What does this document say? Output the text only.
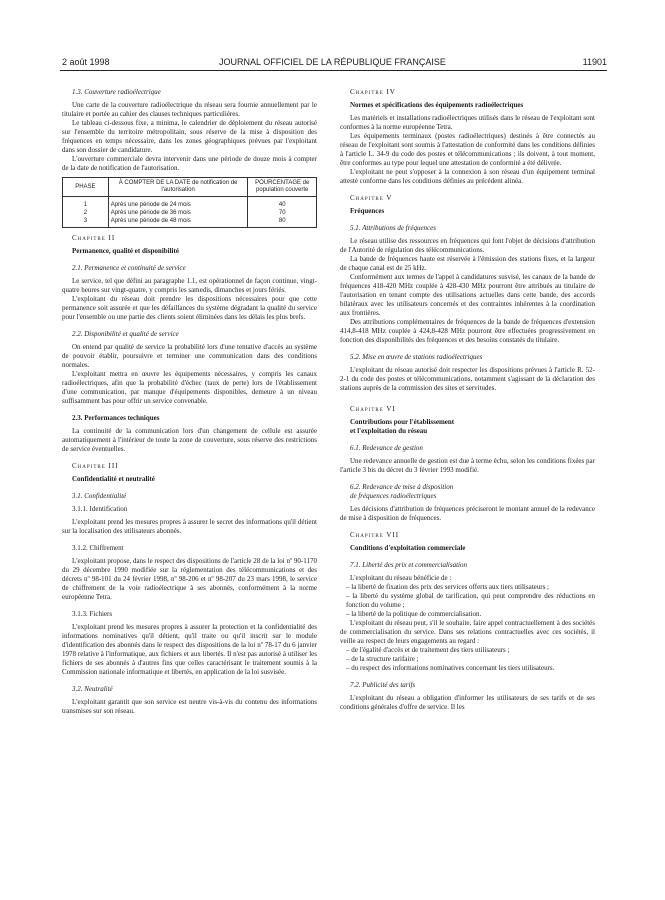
2 août 1998	JOURNAL OFFICIEL DE LA RÉPUBLIQUE FRANÇAISE	11901

1.3. Couverture radioélectrique

Une carte de la couverture radioélectrique du réseau sera fournie annuellement par le titulaire et portée au cahier des clauses techniques particulières.

Le tableau ci-dessous fixe, a minima, le calendrier de déploiement du réseau autorisé sur l'ensemble du territoire métropolitain, sous réserve de la mise à disposition des fréquences en temps nécessaire, dans les zones géographiques prévues par l'exploitant dans son dossier de candidature.

L'ouverture commerciale devra intervenir dans une période de douze mois à compter de la date de notification de l'autorisation.

PHASE	À COMPTER DE LA DATE de notification de l'autorisation	POURCENTAGE de population couverte
1	Après une période de 24 mois	40
2	Après une période de 36 mois	70
3	Après une période de 48 mois	80

Chapitre II

Permanence, qualité et disponibilité

2.1. Permanence et continuité de service

Le service, tel que défini au paragraphe 1.1, est opérationnel de façon continue, vingt-quatre heures sur vingt-quatre, y compris les samedis, dimanches et jours fériés.

L'exploitant du réseau doit prendre les dispositions nécessaires pour que cette permanence soit assurée et que les défaillances du système dégradant la qualité du service pour l'ensemble ou une partie des clients soient éliminées dans les délais les plus brefs.

2.2. Disponibilité et qualité de service

On entend par qualité de service la probabilité lors d'une tentative d'accès au système de pouvoir établir, poursuivre et terminer une communication dans des conditions normales.

L'exploitant mettra en œuvre les équipements nécessaires, y compris les canaux radioélectriques, afin que la probabilité d'échec (taux de perte) lors de l'établissement d'une communication, par manque d'équipements disponibles, demeure à un niveau suffisamment bas pour offrir un service convenable.

2.3. Performances techniques

La continuité de la communication lors d'un changement de cellule est assurée automatiquement à l'intérieur de toute la zone de couverture, sous réserve des restrictions de service éventuelles.

Chapitre III

Confidentialité et neutralité

3.1. Confidentialité

3.1.1. Identification

L'exploitant prend les mesures propres à assurer le secret des informations qu'il détient sur la localisation des utilisateurs abonnés.

3.1.2. Chiffrement

L'exploitant propose, dans le respect des dispositions de l'article 28 de la loi nº 90-1170 du 29 décembre 1990 modifiée sur la réglementation des télécommunications et des décrets nº 98-101 du 24 février 1998, nº 98-206 et nº 98-207 du 23 mars 1998, le service de chiffrement de la voie radioélectrique à ses abonnés, conformément à la norme européenne Tetra.

3.1.3. Fichiers

L'exploitant prend les mesures propres à assurer la protection et la confidentialité des informations nominatives qu'il détient, qu'il traite ou qu'il inscrit sur le module d'identification des abonnés dans le respect des dispositions de la loi nº 78-17 du 6 janvier 1978 relative à l'informatique, aux fichiers et aux libertés. Il n'est pas autorisé à utiliser les fichiers de ses abonnés à d'autres fins que celles caractérisant le traitement soumis à la Commission nationale informatique et libertés, en application de la loi susvisée.

3.2. Neutralité

L'exploitant garantit que son service est neutre vis-à-vis du contenu des informations transmises sur son réseau.

Chapitre IV

Normes et spécifications des équipements radioélectriques

Les matériels et installations radioélectriques utilisés dans le réseau de l'exploitant sont conformes à la norme européenne Tetra.

Les équipements terminaux (postes radioélectriques) destinés à être connectés au réseau de l'exploitant sont soumis à l'attestation de conformité dans les conditions définies à l'article L. 34-9 du code des postes et télécommunications ; ils doivent, à tout moment, être conformes au type pour lequel une attestation de conformité a été délivrée.

L'exploitant ne peut s'opposer à la connexion à son réseau d'un équipement terminal attesté conforme dans les conditions définies au précédent alinéa.

Chapitre V

Fréquences

5.1. Attributions de fréquences

Le réseau utilise des ressources en fréquences qui font l'objet de décisions d'attribution de l'Autorité de régulation des télécommunications.

La bande de fréquences haute est réservée à l'émission des stations fixes, et la largeur de chaque canal est de 25 kHz.

Conformément aux termes de l'appel à candidatures susvisé, les canaux de la bande de fréquences 418-420 MHz couplée à 428-430 MHz pourront être attribués au titulaire de l'autorisation en tenant compte des utilisations actuelles dans cette bande, des accords bilatéraux avec les utilisateurs concernés et des contraintes inhérentes à la coordination aux frontières.

Des attributions complémentaires de fréquences de la bande de fréquences d'extension 414,8-418 MHz couplée à 424,8-428 MHz pourront être effectuées progressivement en fonction des disponibilités des fréquences et des besoins constatés du titulaire.

5.2. Mise en œuvre de stations radioélectriques

L'exploitant du réseau autorisé doit respecter les dispositions prévues à l'article R. 52-2-1 du code des postes et télécommunications, notamment s'agissant de la déclaration des stations auprès de la commission des sites et servitudes.

Chapitre VI

Contributions pour l'établissement

et l'exploitation du réseau

6.1. Redevance de gestion

Une redevance annuelle de gestion est due à terme échu, selon les conditions fixées par l'article 3 bis du décret du 3 février 1993 modifié.

6.2. Redevance de mise à disposition

de fréquences radioélectriques

Les décisions d'attribution de fréquences préciseront le montant annuel de la redevance de mise à disposition de fréquences.

Chapitre VII

Conditions d'exploitation commerciale

7.1. Liberté des prix et commercialisation

L'exploitant du réseau bénéficie de :

– la liberté de fixation des prix des services offerts aux tiers utilisateurs ;
– la liberté du système global de tarification, qui peut comprendre des réductions en fonction du volume ;
– la liberté de la politique de commercialisation.

L'exploitant du réseau peut, s'il le souhaite, faire appel contractuellement à des sociétés de commercialisation du service. Dans ses relations contractuelles avec ces sociétés, il veille au respect de leurs engagements au regard :

– de l'égalité d'accès et de traitement des tiers utilisateurs ;
– de la structure tarifaire ;
– du respect des informations nominatives concernant les tiers utilisateurs.

7.2. Publicité des tarifs

L'exploitant du réseau a obligation d'informer les utilisateurs de ses tarifs et de ses conditions générales d'offre de service. Il les
